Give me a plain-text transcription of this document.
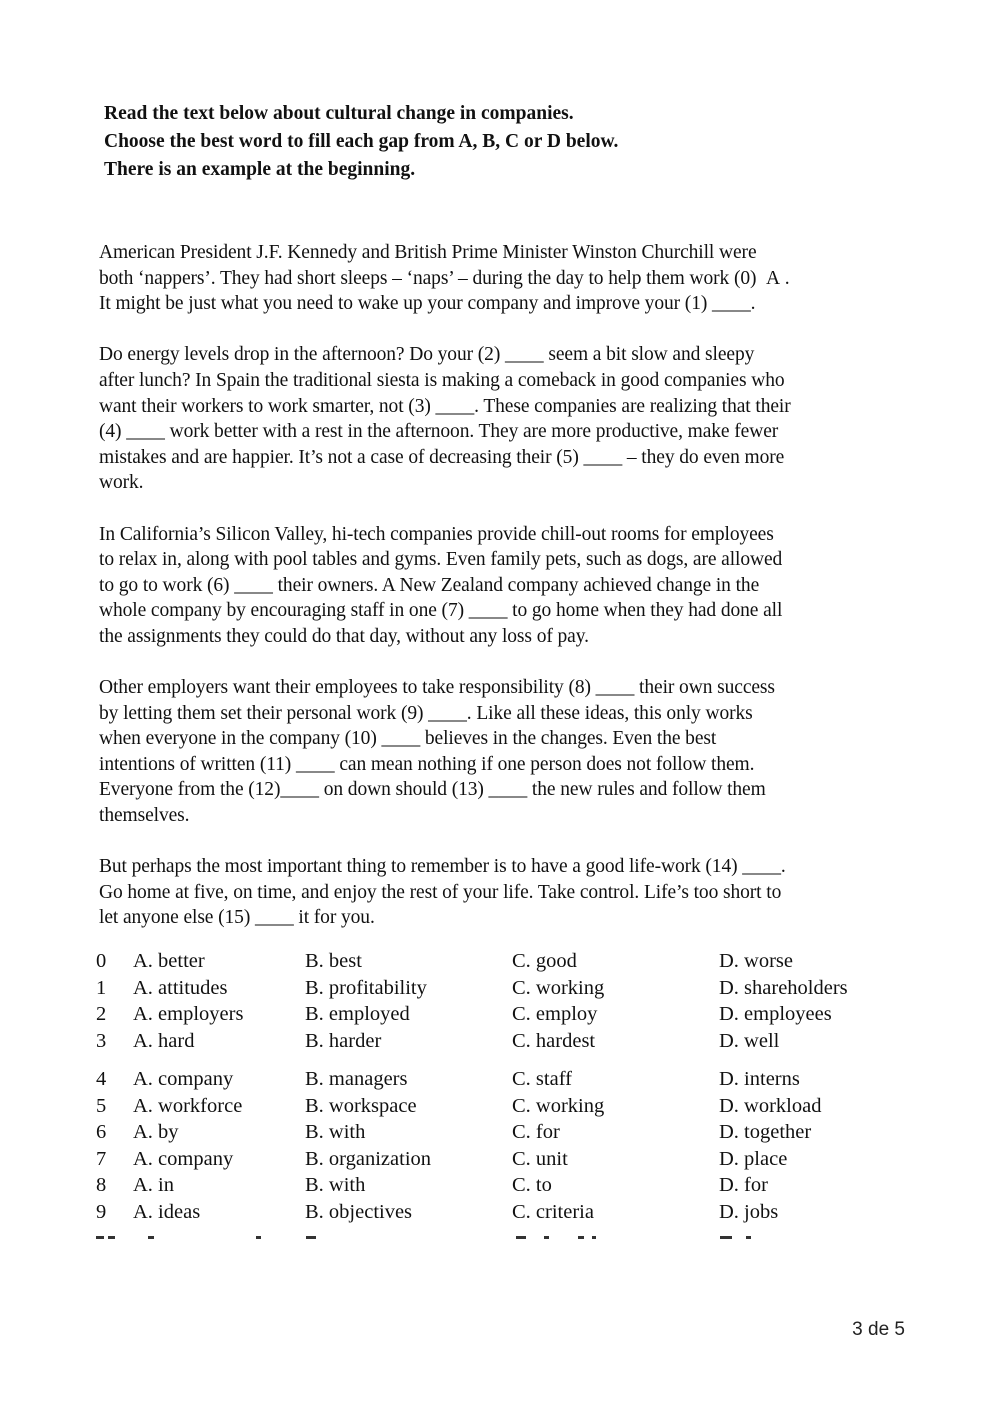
Read the text below about cultural change in companies.
Choose the best word to fill each gap from A, B, C or D below.
There is an example at the beginning.
American President J.F. Kennedy and British Prime Minister Winston Churchill were
both ‘nappers’. They had short sleeps – ‘naps’ – during the day to help them work (0)  A .
It might be just what you need to wake up your company and improve your (1) ____.
Do energy levels drop in the afternoon? Do your (2) ____ seem a bit slow and sleepy
after lunch? In Spain the traditional siesta is making a comeback in good companies who
want their workers to work smarter, not (3) ____. These companies are realizing that their
(4) ____ work better with a rest in the afternoon. They are more productive, make fewer
mistakes and are happier. It’s not a case of decreasing their (5) ____ – they do even more
work.
In California’s Silicon Valley, hi-tech companies provide chill-out rooms for employees
to relax in, along with pool tables and gyms. Even family pets, such as dogs, are allowed
to go to work (6) ____ their owners. A New Zealand company achieved change in the
whole company by encouraging staff in one (7) ____ to go home when they had done all
the assignments they could do that day, without any loss of pay.
Other employers want their employees to take responsibility (8) ____ their own success
by letting them set their personal work (9) ____. Like all these ideas, this only works
when everyone in the company (10) ____ believes in the changes. Even the best
intentions of written (11) ____ can mean nothing if one person does not follow them.
Everyone from the (12)____ on down should (13) ____ the new rules and follow them
themselves.
But perhaps the most important thing to remember is to have a good life-work (14) ____.
Go home at five, on time, and enjoy the rest of your life. Take control. Life’s too short to
let anyone else (15) ____ it for you.
0	A. better	B. best	C. good	D. worse
1	A. attitudes	B. profitability	C. working	D. shareholders
2	A. employers	B. employed	C. employ	D. employees
3	A. hard	B. harder	C. hardest	D. well
4	A. company	B. managers	C. staff	D. interns
5	A. workforce	B. workspace	C. working	D. workload
6	A. by	B. with	C. for	D. together
7	A. company	B. organization	C. unit	D. place
8	A. in	B. with	C. to	D. for
9	A. ideas	B. objectives	C. criteria	D. jobs
3 de 5
